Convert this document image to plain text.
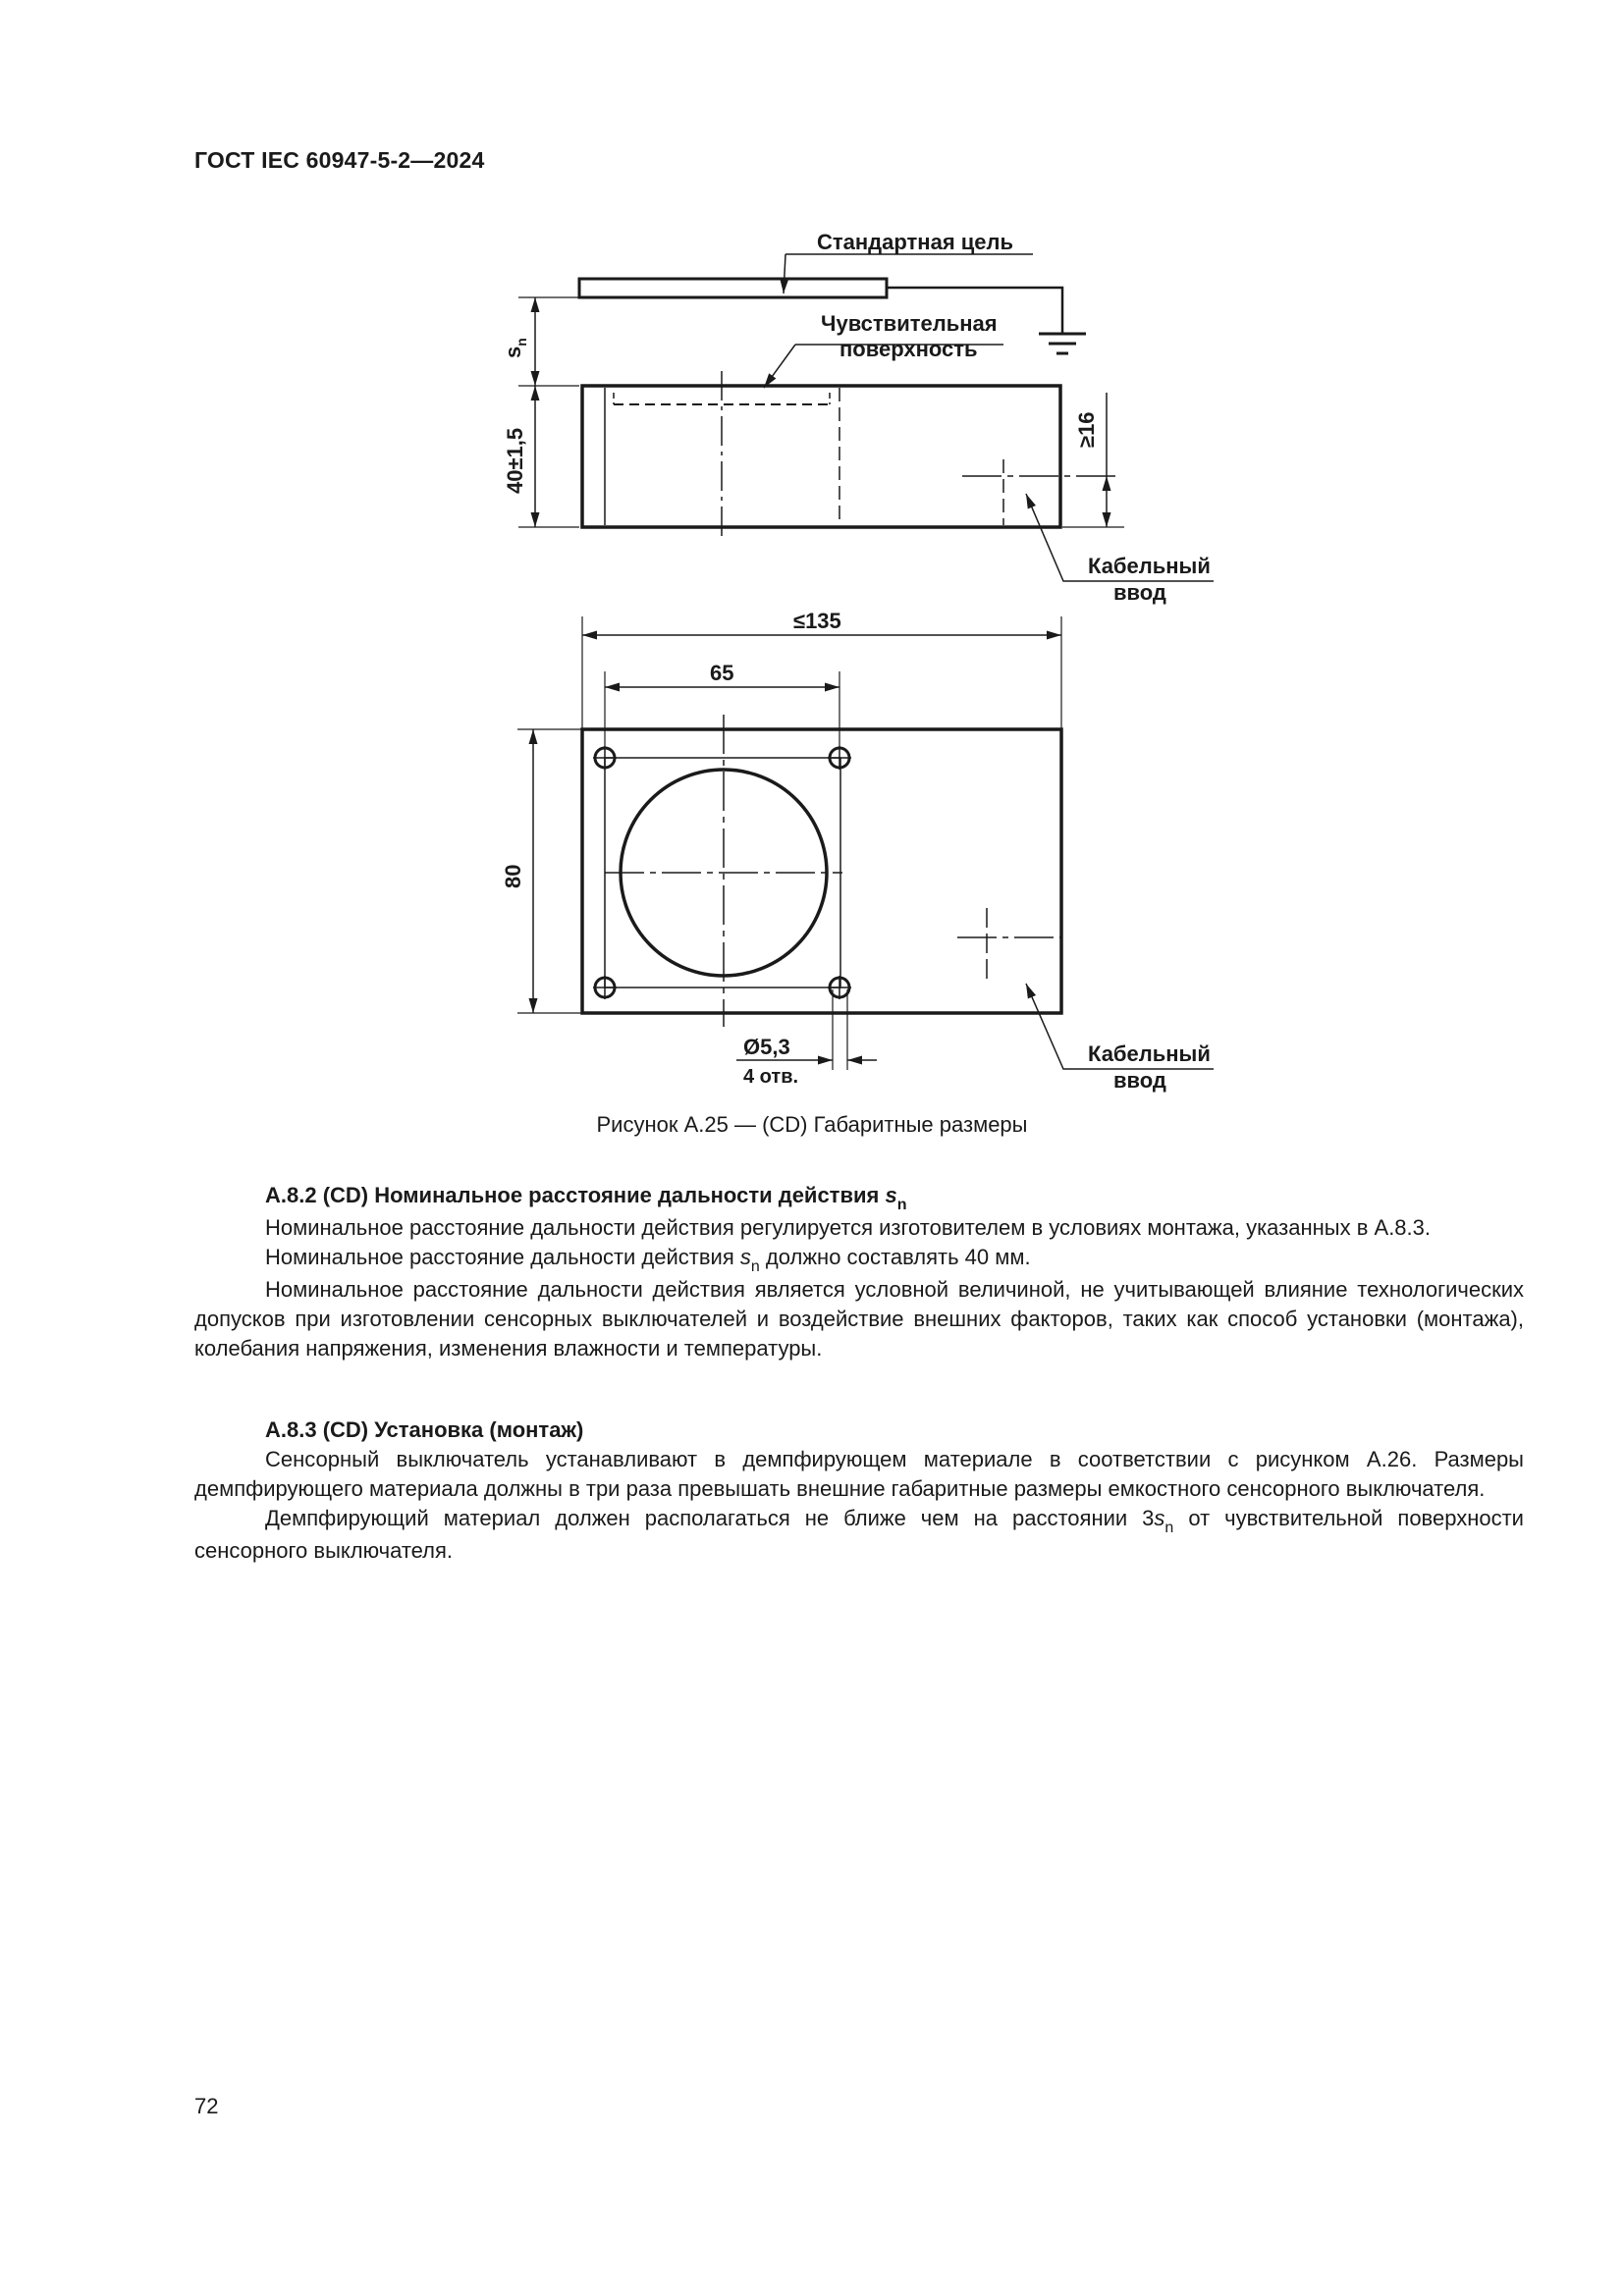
ГОСТ IEC 60947-5-2—2024
Стандартная цель
Чувствительная
поверхность
Кабельный
ввод
Кабельный
ввод
$s_n$
40±1,5	≥16
≤135
65
80
Ø5,3
4 отв.
Рисунок А.25 — (CD) Габаритные размеры

А.8.2 (CD) Номинальное расстояние дальности действия $s_n$

Номинальное расстояние дальности действия регулируется изготовителем в условиях монтажа, указанных в А.8.3.

Номинальное расстояние дальности действия $s_n$ должно составлять 40 мм.

Номинальное расстояние дальности действия является условной величиной, не учитывающей влияние технологических допусков при изготовлении сенсорных выключателей и воздействие внешних факторов, таких как способ установки (монтажа), колебания напряжения, изменения влажности и температуры.

А.8.3 (CD) Установка (монтаж)

Сенсорный выключатель устанавливают в демпфирующем материале в соответствии с рисунком А.26. Размеры демпфирующего материала должны в три раза превышать внешние габаритные размеры емкостного сенсорного выключателя.

Демпфирующий материал должен располагаться не ближе чем на расстоянии $3s_n$ от чувствительной поверхности сенсорного выключателя.

72
